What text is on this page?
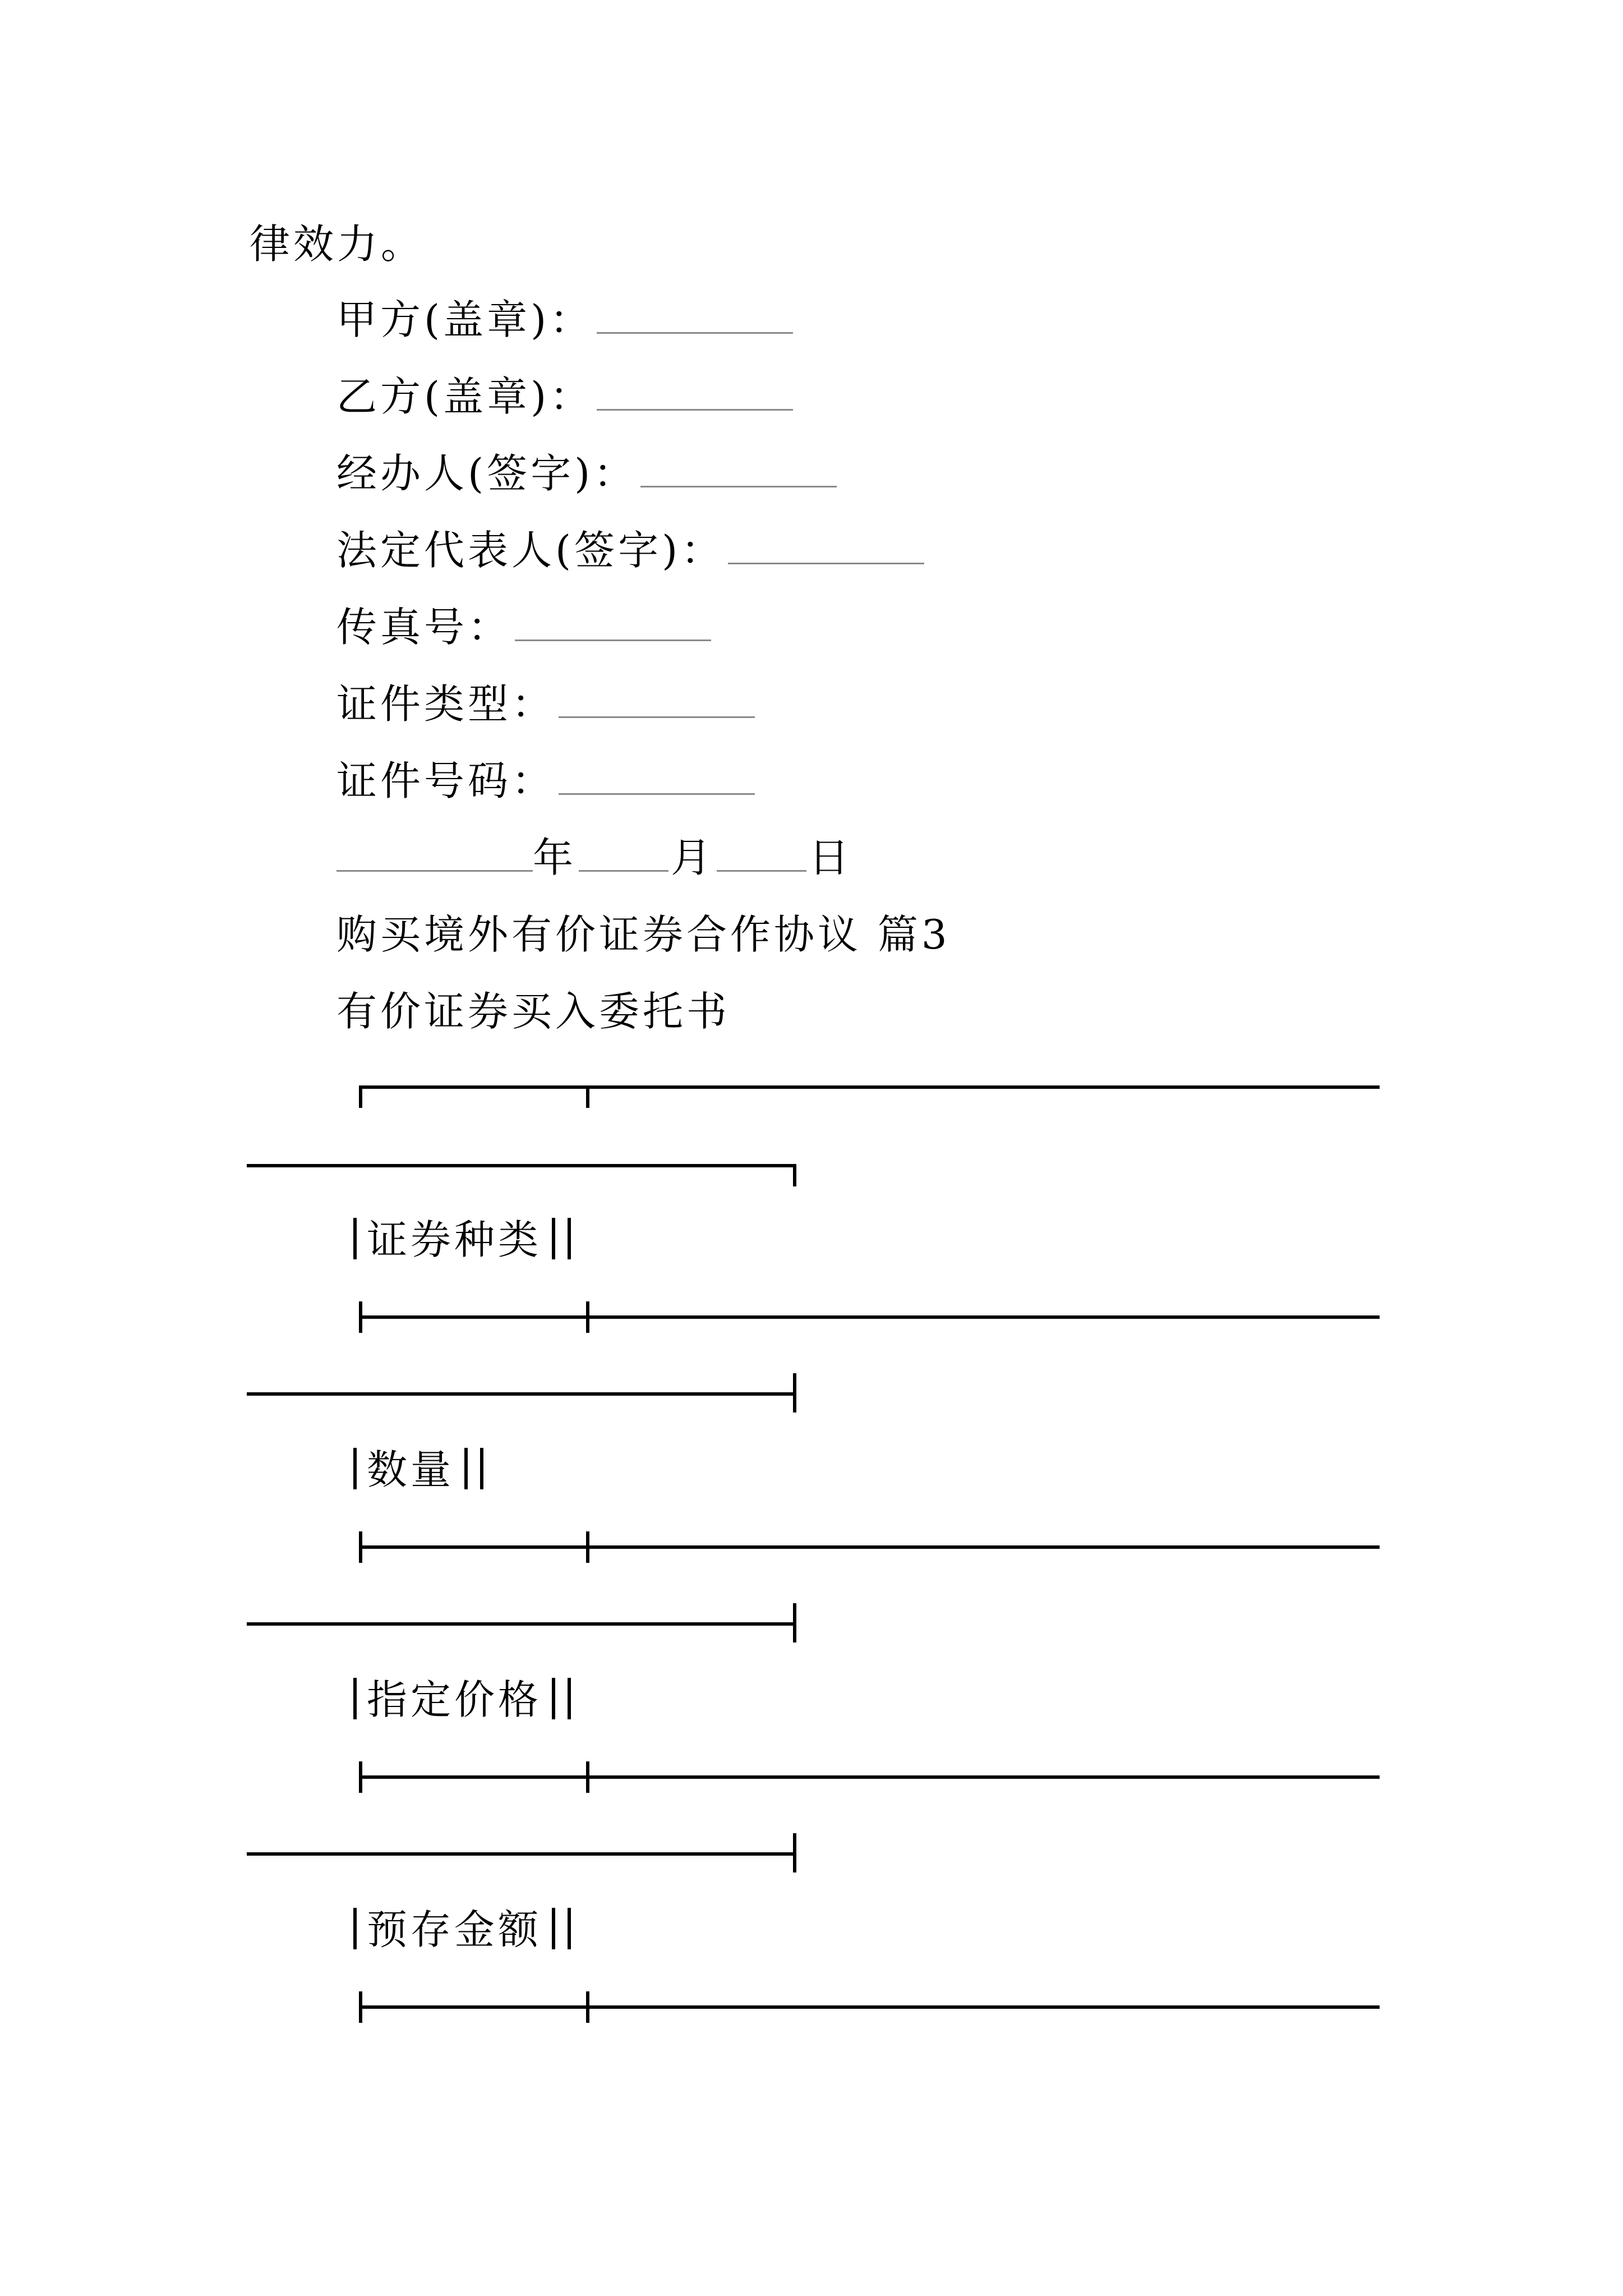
律效力。
甲方(盖章)：
乙方(盖章)：
经办人(签字)：
法定代表人(签字)：
传真号：
证件类型：
证件号码：
年 月 日
购买境外有价证券合作协议 篇3
有价证券买入委托书
证券种类
数量
指定价格
预存金额
